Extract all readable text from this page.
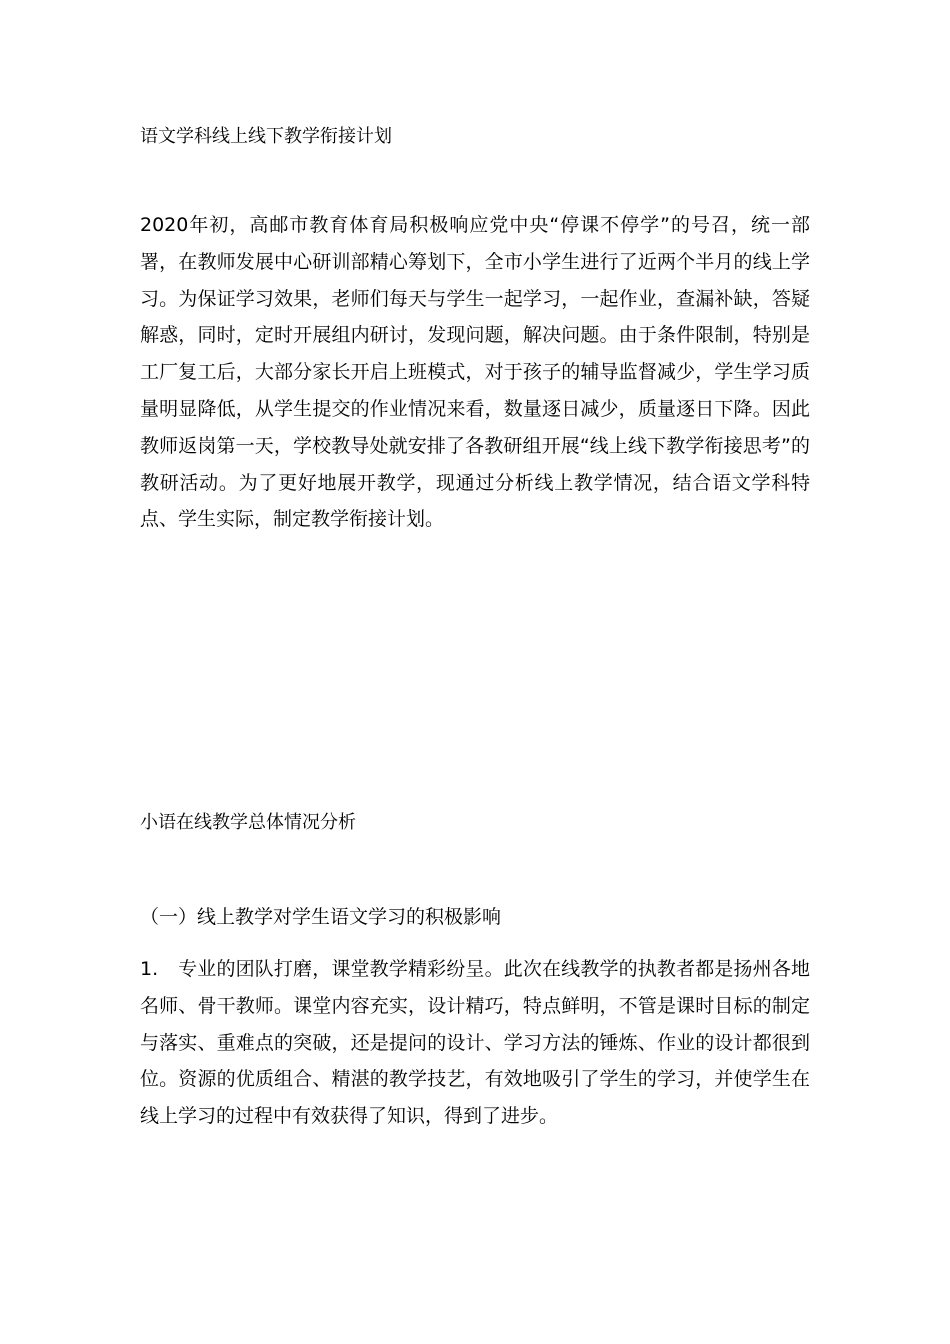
语文学科线上线下教学衔接计划

2020年初，高邮市教育体育局积极响应党中央“停课不停学”的号召，统一部署，在教师发展中心研训部精心筹划下，全市小学生进行了近两个半月的线上学习。为保证学习效果，老师们每天与学生一起学习，一起作业，查漏补缺，答疑解惑，同时，定时开展组内研讨，发现问题，解决问题。由于条件限制，特别是工厂复工后，大部分家长开启上班模式，对于孩子的辅导监督减少，学生学习质量明显降低，从学生提交的作业情况来看，数量逐日减少，质量逐日下降。因此教师返岗第一天，学校教导处就安排了各教研组开展“线上线下教学衔接思考”的教研活动。为了更好地展开教学，现通过分析线上教学情况，结合语文学科特点、学生实际，制定教学衔接计划。

小语在线教学总体情况分析
（一）线上教学对学生语文学习的积极影响

1. 专业的团队打磨，课堂教学精彩纷呈。此次在线教学的执教者都是扬州各地名师、骨干教师。课堂内容充实，设计精巧，特点鲜明，不管是课时目标的制定与落实、重难点的突破，还是提问的设计、学习方法的锤炼、作业的设计都很到位。资源的优质组合、精湛的教学技艺，有效地吸引了学生的学习，并使学生在线上学习的过程中有效获得了知识，得到了进步。
